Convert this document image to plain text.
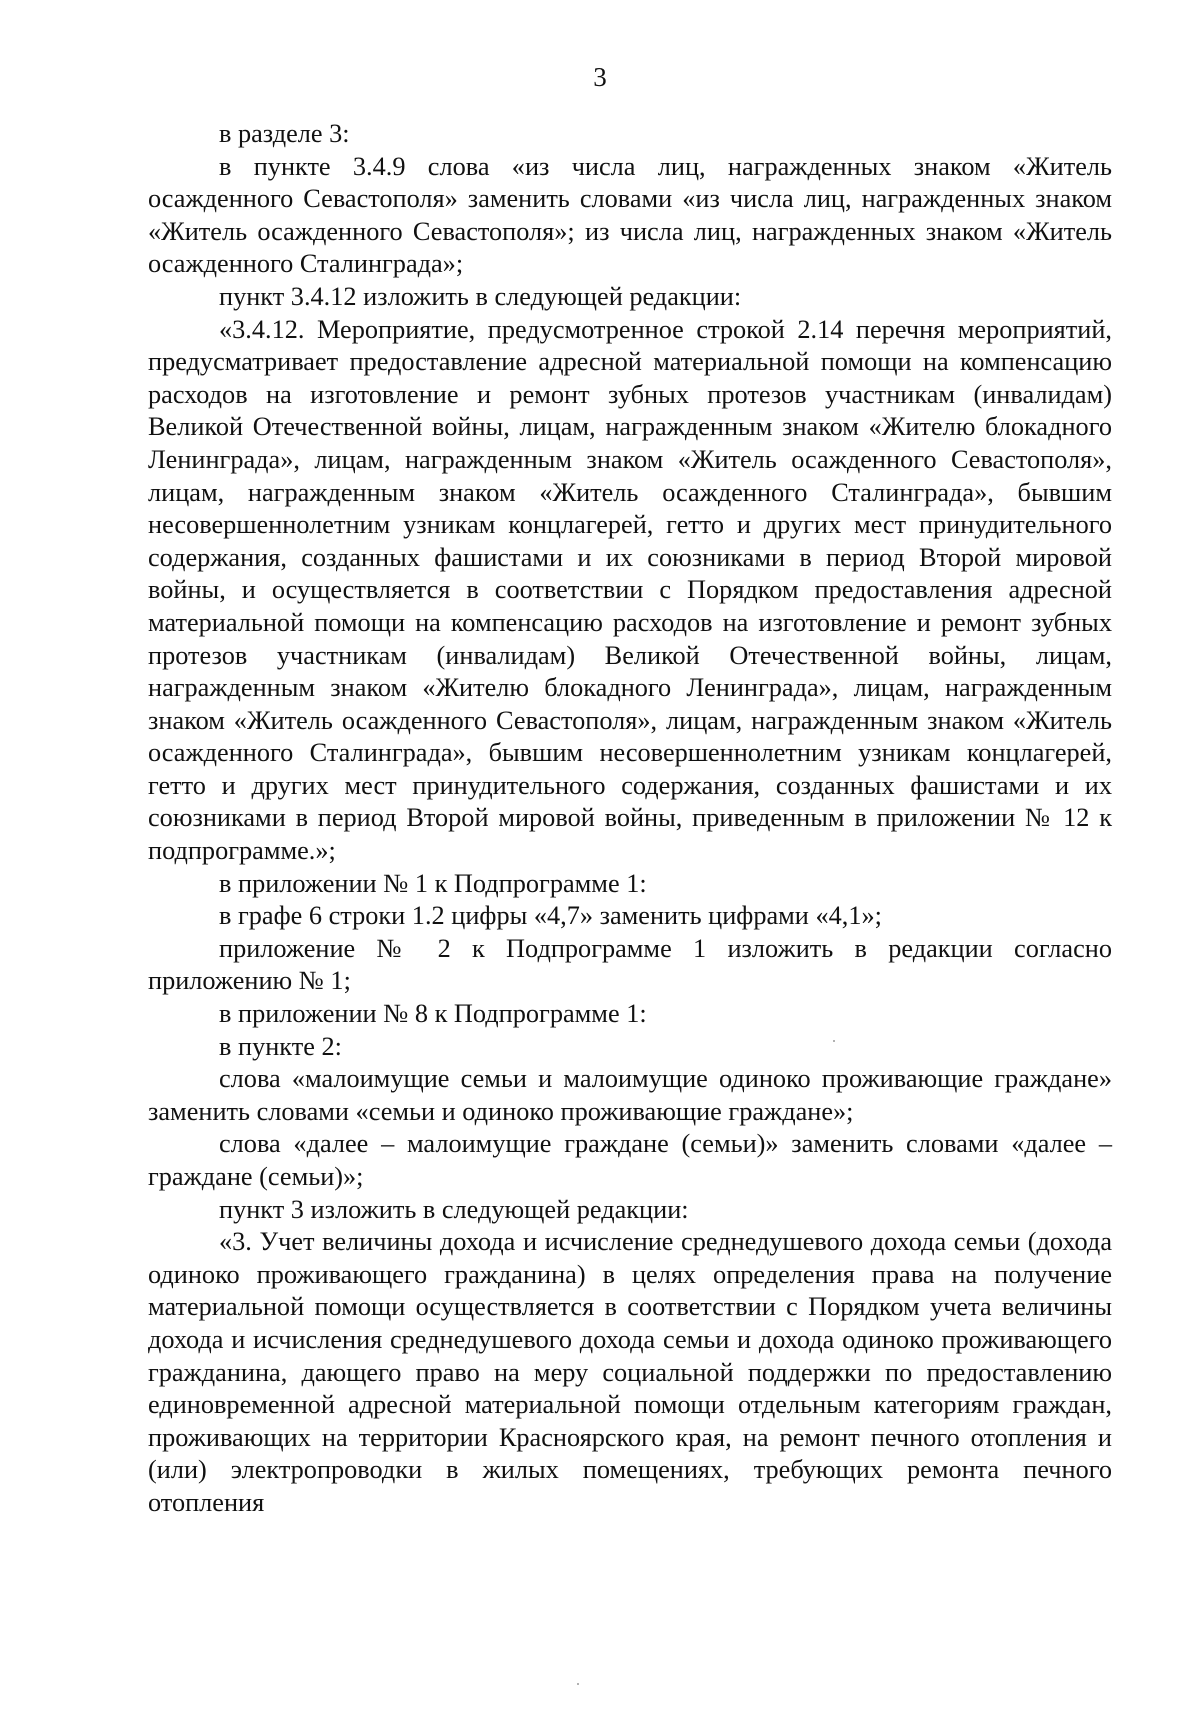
3

в разделе 3:

в пункте 3.4.9 слова «из числа лиц, награжденных знаком «Житель осажденного Севастополя» заменить словами «из числа лиц, награжденных знаком «Житель осажденного Севастополя»; из числа лиц, награжденных знаком «Житель осажденного Сталинграда»;

пункт 3.4.12 изложить в следующей редакции:

«3.4.12. Мероприятие, предусмотренное строкой 2.14 перечня мероприятий, предусматривает предоставление адресной материальной помощи на компенсацию расходов на изготовление и ремонт зубных протезов участникам (инвалидам) Великой Отечественной войны, лицам, награжденным знаком «Жителю блокадного Ленинграда», лицам, награжденным знаком «Житель осажденного Севастополя», лицам, награжденным знаком «Житель осажденного Сталинграда», бывшим несовершеннолетним узникам концлагерей, гетто и других мест принудительного содержания, созданных фашистами и их союзниками в период Второй мировой войны, и осуществляется в соответствии с Порядком предоставления адресной материальной помощи на компенсацию расходов на изготовление и ремонт зубных протезов участникам (инвалидам) Великой Отечественной войны, лицам, награжденным знаком «Жителю блокадного Ленинграда», лицам, награжденным знаком «Житель осажденного Севастополя», лицам, награжденным знаком «Житель осажденного Сталинграда», бывшим несовершеннолетним узникам концлагерей, гетто и других мест принудительного содержания, созданных фашистами и их союзниками в период Второй мировой войны, приведенным в приложении № 12 к подпрограмме.»;

в приложении № 1 к Подпрограмме 1:

в графе 6 строки 1.2 цифры «4,7» заменить цифрами «4,1»;

приложение № 2 к Подпрограмме 1 изложить в редакции согласно приложению № 1;

в приложении № 8 к Подпрограмме 1:

в пункте 2:

слова «малоимущие семьи и малоимущие одиноко проживающие граждане» заменить словами «семьи и одиноко проживающие граждане»;

слова «далее – малоимущие граждане (семьи)» заменить словами «далее – граждане (семьи)»;

пункт 3 изложить в следующей редакции:

«3. Учет величины дохода и исчисление среднедушевого дохода семьи (дохода одиноко проживающего гражданина) в целях определения права на получение материальной помощи осуществляется в соответствии с Порядком учета величины дохода и исчисления среднедушевого дохода семьи и дохода одиноко проживающего гражданина, дающего право на меру социальной поддержки по предоставлению единовременной адресной материальной помощи отдельным категориям граждан, проживающих на территории Красноярского края, на ремонт печного отопления и (или) электропроводки в жилых помещениях, требующих ремонта печного отопления
